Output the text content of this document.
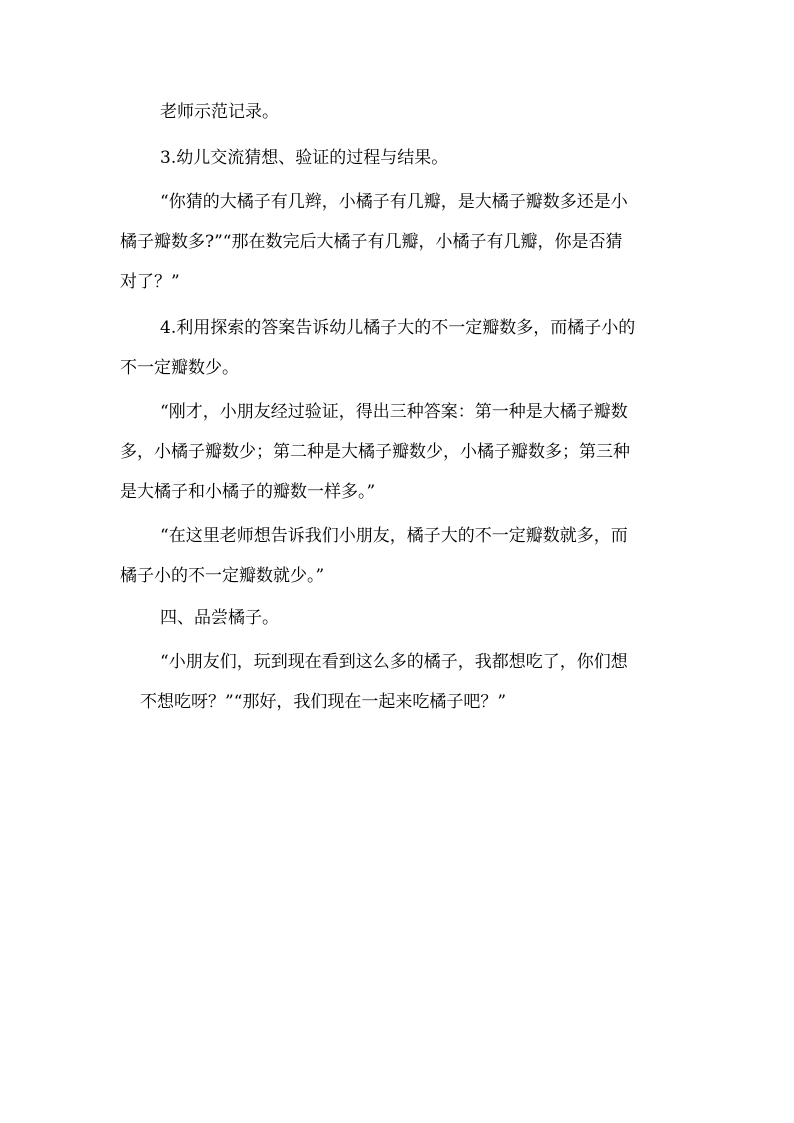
老师示范记录。
3.幼儿交流猜想、验证的过程与结果。
“你猜的大橘子有几辫，小橘子有几瓣，是大橘子瓣数多还是小
橘子瓣数多?”“那在数完后大橘子有几瓣，小橘子有几瓣，你是否猜
对了？”
4.利用探索的答案告诉幼儿橘子大的不一定瓣数多，而橘子小的
不一定瓣数少。
“刚才，小朋友经过验证，得出三种答案：第一种是大橘子瓣数
多，小橘子瓣数少；第二种是大橘子瓣数少，小橘子瓣数多；第三种
是大橘子和小橘子的瓣数一样多。”
“在这里老师想告诉我们小朋友，橘子大的不一定瓣数就多，而
橘子小的不一定瓣数就少。”
四、品尝橘子。
“小朋友们，玩到现在看到这么多的橘子，我都想吃了，你们想
不想吃呀？”“那好，我们现在一起来吃橘子吧？”
